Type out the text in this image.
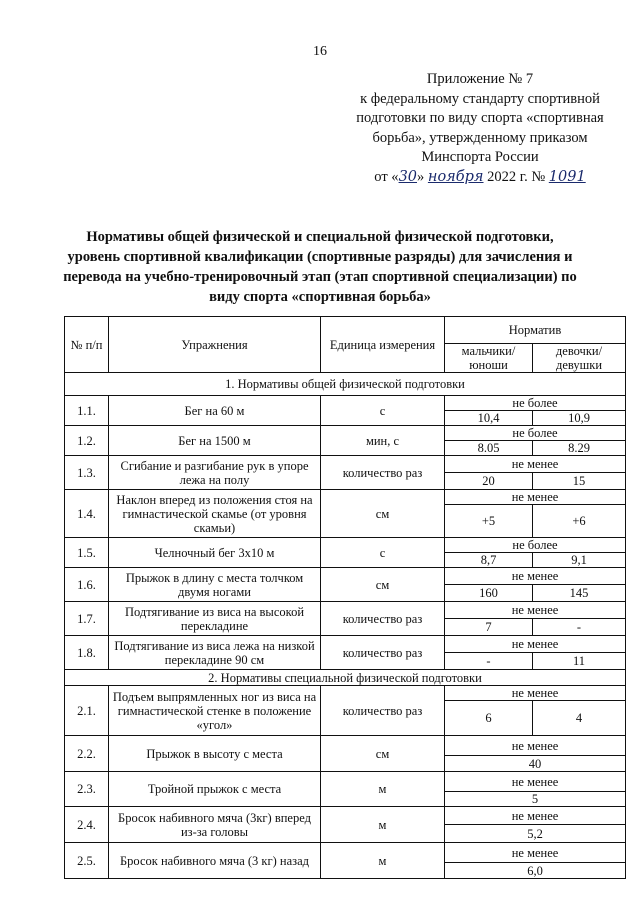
16
Приложение № 7
к федеральному стандарту спортивной
подготовки по виду спорта «спортивная
борьба», утвержденному приказом
Минспорта России
от «30» ноября 2022 г. № 1091
Нормативы общей физической и специальной физической подготовки, уровень спортивной квалификации (спортивные разряды) для зачисления и перевода на учебно-тренировочный этап (этап спортивной специализации) по виду спорта «спортивная борьба»
№ п/п	Упражнения	Единица измерения	Норматив	
			мальчики/ юноши	девочки/ девушки
1. Нормативы общей физической подготовки				
1.1.	Бег на 60 м	с	не более	
			10,4	10,9
1.2.	Бег на 1500 м	мин, с	не более	
			8.05	8.29
1.3.	Сгибание и разгибание рук в упоре лежа на полу	количество раз	не менее	
			20	15
1.4.	Наклон вперед из положения стоя на гимнастической скамье (от уровня скамьи)	см	не менее	
			+5	+6
1.5.	Челночный бег 3х10 м	с	не более	
			8,7	9,1
1.6.	Прыжок в длину с места толчком двумя ногами	см	не менее	
			160	145
1.7.	Подтягивание из виса на высокой перекладине	количество раз	не менее	
			7	-
1.8.	Подтягивание из виса лежа на низкой перекладине 90 см	количество раз	не менее	
			-	11
2. Нормативы специальной физической подготовки				
2.1.	Подъем выпрямленных ног из виса на гимнастической стенке в положение «угол»	количество раз	не менее	
			6	4
2.2.	Прыжок в высоту с места	см	не менее	
			40	
2.3.	Тройной прыжок с места	м	не менее	
			5	
2.4.	Бросок набивного мяча (3кг) вперед из-за головы	м	не менее	
			5,2	
2.5.	Бросок набивного мяча (3 кг) назад	м	не менее	
			6,0	
